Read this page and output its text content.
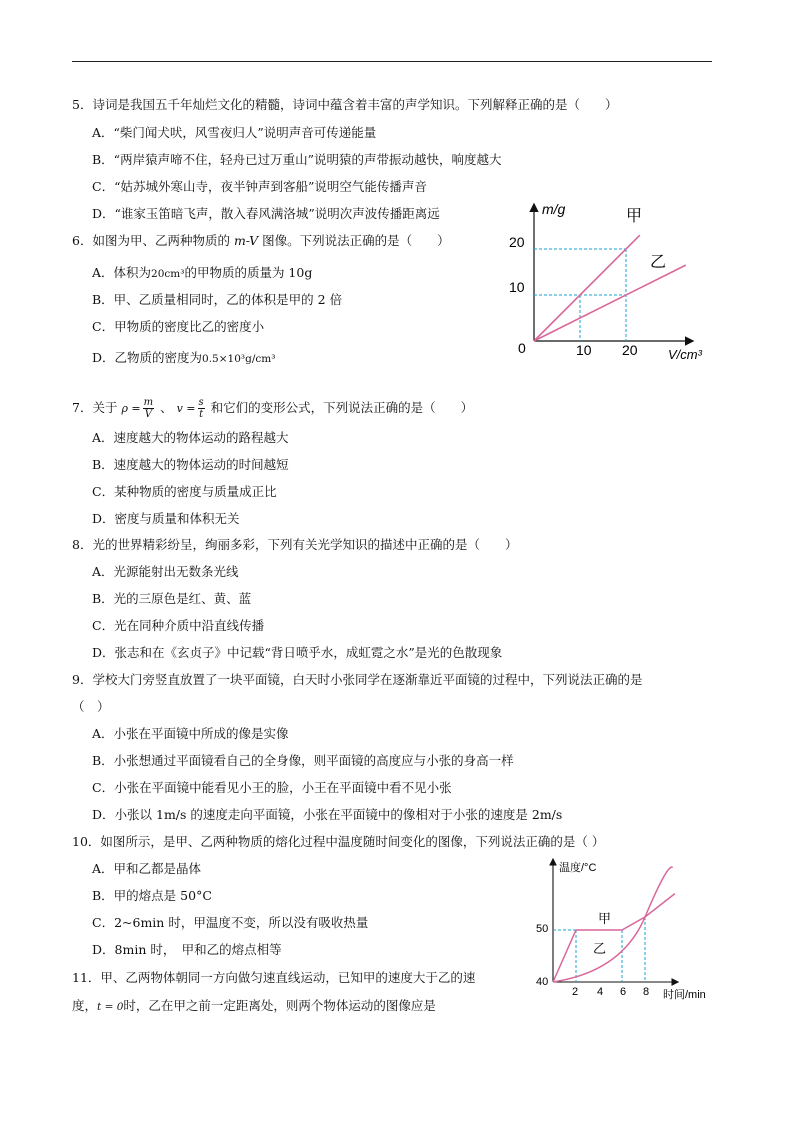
5．诗词是我国五千年灿烂文化的精髓，诗词中蕴含着丰富的声学知识。下列解释正确的是（　　）
A．“柴门闻犬吠，风雪夜归人”说明声音可传递能量
B．“两岸猿声啼不住，轻舟已过万重山”说明猿的声带振动越快，响度越大
C．“姑苏城外寒山寺，夜半钟声到客船”说明空气能传播声音
D．“谁家玉笛暗飞声，散入春风满洛城”说明次声波传播距离远
6．如图为甲、乙两种物质的 m-V 图像。下列说法正确的是（　　）
A．体积为20cm³的甲物质的质量为 10g
B．甲、乙质量相同时，乙的体积是甲的 2 倍
C．甲物质的密度比乙的密度小
D．乙物质的密度为0.5×10³g/cm³
m/g
V/cm³
0	10 20
10
20
甲
乙
7．关于 $\rho = \frac{m}{V}$ 、 $v = \frac{s}{t}$ 和它们的变形公式，下列说法正确的是（　　）
A．速度越大的物体运动的路程越大
B．速度越大的物体运动的时间越短
C．某种物质的密度与质量成正比
D．密度与质量和体积无关
8．光的世界精彩纷呈，绚丽多彩，下列有关光学知识的描述中正确的是（　　）
A．光源能射出无数条光线
B．光的三原色是红、黄、蓝
C．光在同种介质中沿直线传播
D．张志和在《玄贞子》中记载“背日喷乎水，成虹霓之水”是光的色散现象
9．学校大门旁竖直放置了一块平面镜，白天时小张同学在逐渐靠近平面镜的过程中，下列说法正确的是
（　）
A．小张在平面镜中所成的像是实像
B．小张想通过平面镜看自己的全身像，则平面镜的高度应与小张的身高一样
C．小张在平面镜中能看见小王的脸，小王在平面镜中看不见小张
D．小张以 1m/s 的速度走向平面镜，小张在平面镜中的像相对于小张的速度是 2m/s
10．如图所示，是甲、乙两种物质的熔化过程中温度随时间变化的图像，下列说法正确的是（ ）
A．甲和乙都是晶体
B．甲的熔点是 50°C
C．2~6min 时，甲温度不变，所以没有吸收热量
D．8min 时，　甲和乙的熔点相等
温度/°C
时间/min
40
50
2 4 6 8
甲
乙
11．甲、乙两物体朝同一方向做匀速直线运动，已知甲的速度大于乙的速
度，t = 0时，乙在甲之前一定距离处，则两个物体运动的图像应是
